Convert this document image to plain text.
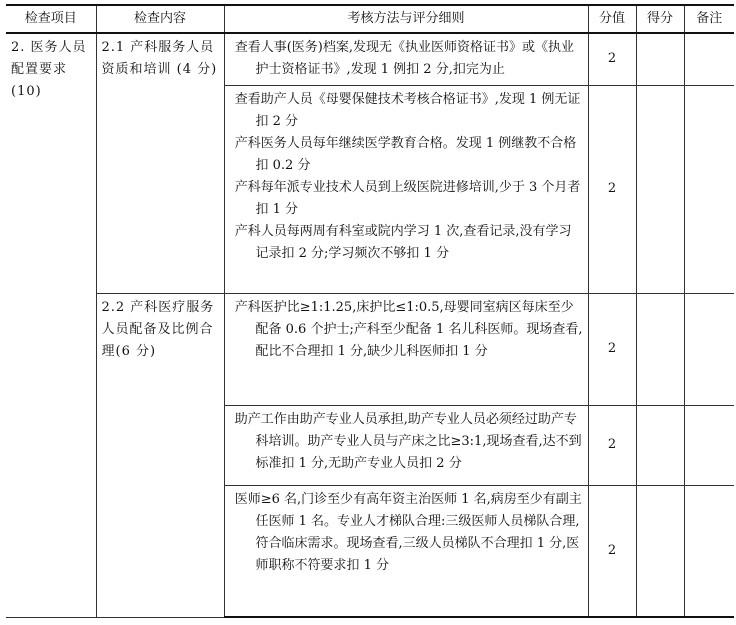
检查项目	检查内容	考核方法与评分细则	分值	得分	备注
2. 医务人员配置要求(10)	2.1 产科服务人员资质和培训 (4 分)	查看人事(医务)档案,发现无《执业医师资格证书》或《执业护士资格证书》,发现 1 例扣 2 分,扣完为止	2		

		查看助产人员《母婴保健技术考核合格证书》,发现 1 例无证扣 2 分

产科医务人员每年继续医学教育合格。发现 1 例继教不合格扣 0.2 分

产科每年派专业技术人员到上级医院进修培训,少于 3 个月者扣 1 分

产科人员每两周有科室或院内学习 1 次,查看记录,没有学习记录扣 2 分;学习频次不够扣 1 分	2		
	2.2 产科医疗服务人员配备及比例合理(6 分)	产科医护比≥1:1.25,床护比≤1:0.5,母婴同室病区每床至少配备 0.6 个护士;产科至少配备 1 名儿科医师。现场查看,配比不合理扣 1 分,缺少儿科医师扣 1 分	2		

		助产工作由助产专业人员承担,助产专业人员必须经过助产专科培训。助产专业人员与产床之比≥3:1,现场查看,达不到标准扣 1 分,无助产专业人员扣 2 分	2		

		医师≥6 名,门诊至少有高年资主治医师 1 名,病房至少有副主任医师 1 名。专业人才梯队合理:三级医师人员梯队合理,符合临床需求。现场查看,三级人员梯队不合理扣 1 分,医师职称不符要求扣 1 分	2		
